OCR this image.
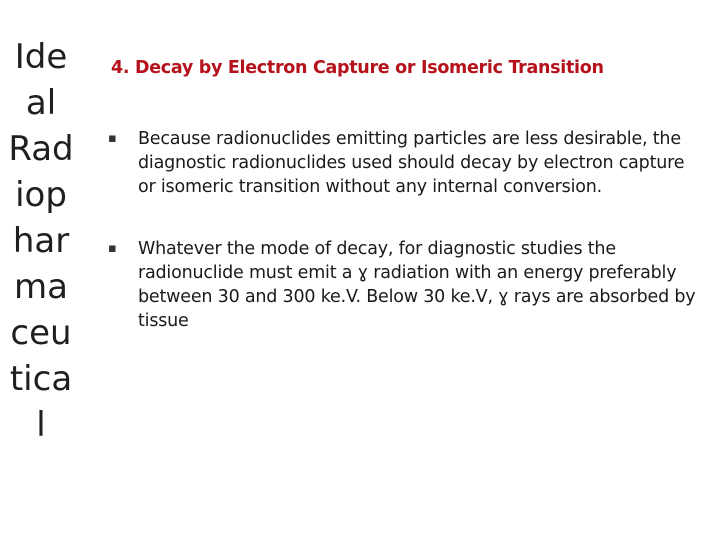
Ide
al
Rad
iop
har
ma
ceu
tica
l
4. Decay by Electron Capture or Isomeric Transition
▪ Because radionuclides emitting particles are less desirable, the diagnostic radionuclides used should decay by electron capture or isomeric transition without any internal conversion.
▪ Whatever the mode of decay, for diagnostic studies the radionuclide must emit a ɣ radiation with an energy preferably between 30 and 300 ke.V. Below 30 ke.V, ɣ rays are absorbed by tissue
